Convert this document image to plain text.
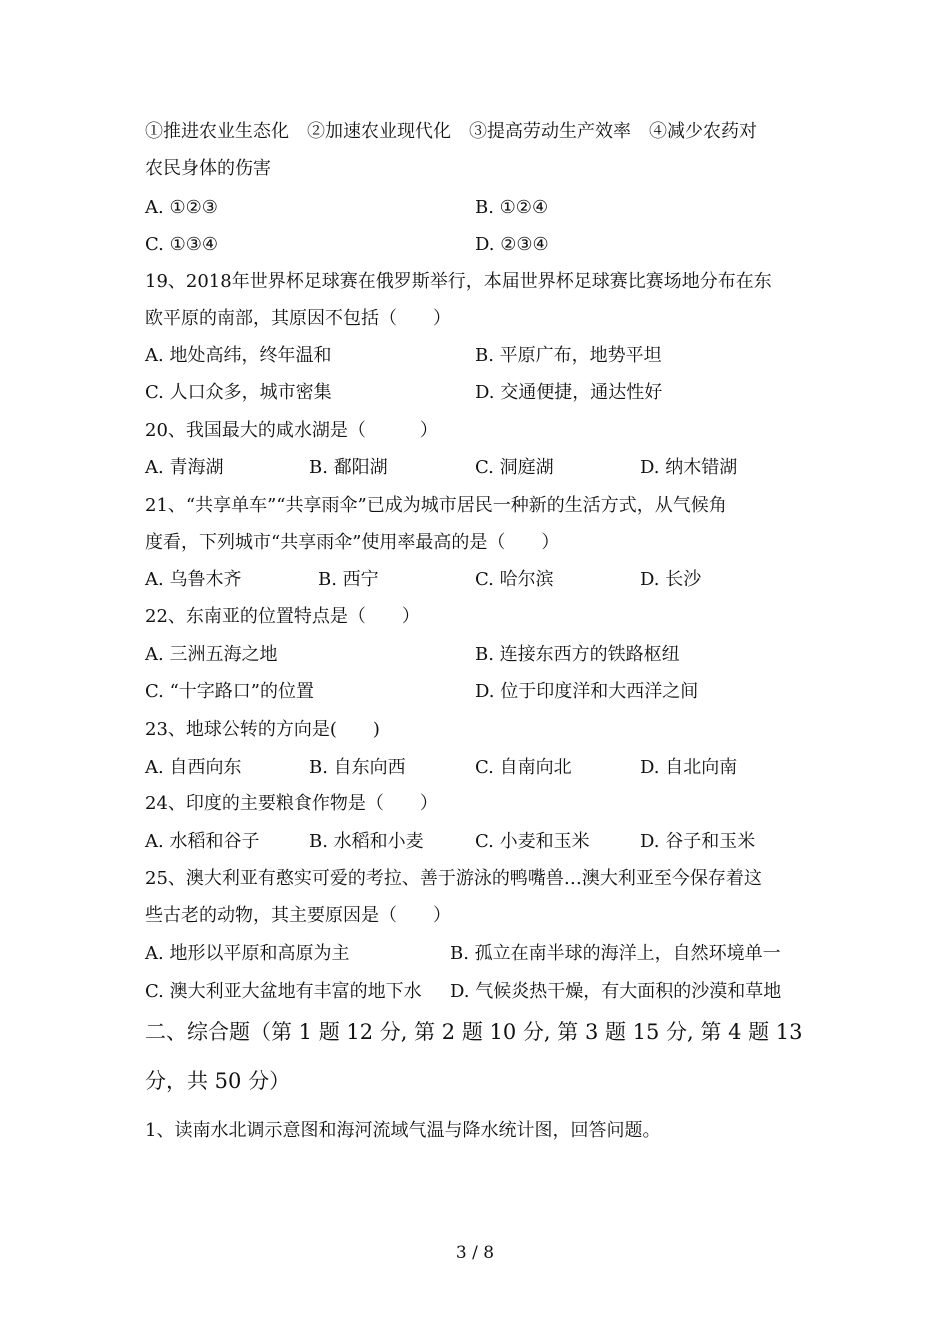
①推进农业生态化　②加速农业现代化　③提高劳动生产效率　④减少农药对
农民身体的伤害
A. ①②③	B. ①②④
C. ①③④	D. ②③④
19、2018年世界杯足球赛在俄罗斯举行，本届世界杯足球赛比赛场地分布在东
欧平原的南部，其原因不包括（　　）
A. 地处高纬，终年温和	B. 平原广布，地势平坦
C. 人口众多，城市密集	D. 交通便捷，通达性好
20、我国最大的咸水湖是（　　　）
A. 青海湖	B. 鄱阳湖	C. 洞庭湖	D. 纳木错湖
21、“共享单车”“共享雨伞”已成为城市居民一种新的生活方式，从气候角
度看，下列城市“共享雨伞”使用率最高的是（　　）
A. 乌鲁木齐	B. 西宁	C. 哈尔滨	D. 长沙
22、东南亚的位置特点是（　　）
A. 三洲五海之地	B. 连接东西方的铁路枢纽
C. “十字路口”的位置	D. 位于印度洋和大西洋之间
23、地球公转的方向是(　　)
A. 自西向东	B. 自东向西	C. 自南向北	D. 自北向南
24、印度的主要粮食作物是（　　）
A. 水稻和谷子	B. 水稻和小麦	C. 小麦和玉米	D. 谷子和玉米
25、澳大利亚有憨实可爱的考拉、善于游泳的鸭嘴兽…澳大利亚至今保存着这
些古老的动物，其主要原因是（　　）
A. 地形以平原和高原为主	B. 孤立在南半球的海洋上，自然环境单一
C. 澳大利亚大盆地有丰富的地下水 D. 气候炎热干燥，有大面积的沙漠和草地
二、综合题（第 1 题 12 分, 第 2 题 10 分, 第 3 题 15 分, 第 4 题 13
分，共 50 分）
1、读南水北调示意图和海河流域气温与降水统计图，回答问题。
3 / 8
